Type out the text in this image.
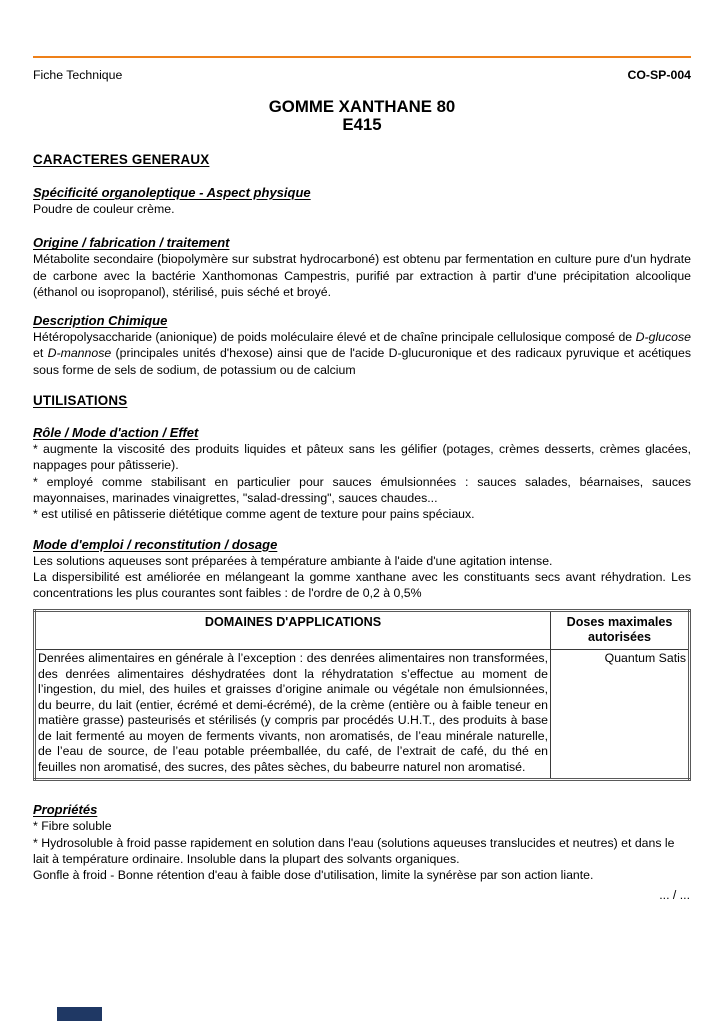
Fiche Technique	CO-SP-004
GOMME XANTHANE 80
E415
CARACTERES GENERAUX
Spécificité organoleptique - Aspect physique

Poudre de couleur crème.

Origine / fabrication / traitement

Métabolite secondaire (biopolymère sur substrat hydrocarboné) est obtenu par fermentation en culture pure d'un hydrate de carbone avec la bactérie Xanthomonas Campestris, purifié par extraction à partir d'une précipitation alcoolique (éthanol ou isopropanol), stérilisé, puis séché et broyé.

Description Chimique

Hétéropolysaccharide (anionique) de poids moléculaire élevé et de chaîne principale cellulosique composé de D-glucose et D-mannose (principales unités d'hexose) ainsi que de l'acide D-glucuronique et des radicaux pyruvique et acétiques sous forme de sels de sodium, de potassium ou de calcium

UTILISATIONS
Rôle / Mode d'action / Effet

* augmente la viscosité des produits liquides et pâteux sans les gélifier (potages, crèmes desserts, crèmes glacées, nappages pour pâtisserie).

* employé comme stabilisant en particulier pour sauces émulsionnées : sauces salades, béarnaises, sauces mayonnaises, marinades vinaigrettes, "salad-dressing", sauces chaudes...

* est utilisé en pâtisserie diététique comme agent de texture pour pains spéciaux.

Mode d'emploi / reconstitution / dosage

Les solutions aqueuses sont préparées à température ambiante à l'aide d'une agitation intense.

La dispersibilité est améliorée en mélangeant la gomme xanthane avec les constituants secs avant réhydration. Les concentrations les plus courantes sont faibles : de l'ordre de 0,2 à 0,5%

DOMAINES D'APPLICATIONS	Doses maximales autorisées
Denrées alimentaires en générale à l’exception : des denrées alimentaires non transformées, des denrées alimentaires déshydratées dont la réhydratation s’effectue au moment de l’ingestion, du miel, des huiles et graisses d’origine animale ou végétale non émulsionnées, du beurre, du lait (entier, écrémé et demi-écrémé), de la crème (entière ou à faible teneur en matière grasse) pasteurisés et stérilisés (y compris par procédés U.H.T., des produits à base de lait fermenté au moyen de ferments vivants, non aromatisés, de l’eau minérale naturelle, de l’eau de source, de l’eau potable préemballée, du café, de l’extrait de café, du thé en feuilles non aromatisé, des sucres, des pâtes sèches, du babeurre naturel non aromatisé.	Quantum Satis
Propriétés

* Fibre soluble

* Hydrosoluble à froid passe rapidement en solution dans l'eau (solutions aqueuses translucides et neutres) et dans le lait à température ordinaire. Insoluble dans la plupart des solvants organiques.

Gonfle à froid - Bonne rétention d'eau à faible dose d'utilisation, limite la synérèse par son action liante.

... / ...
